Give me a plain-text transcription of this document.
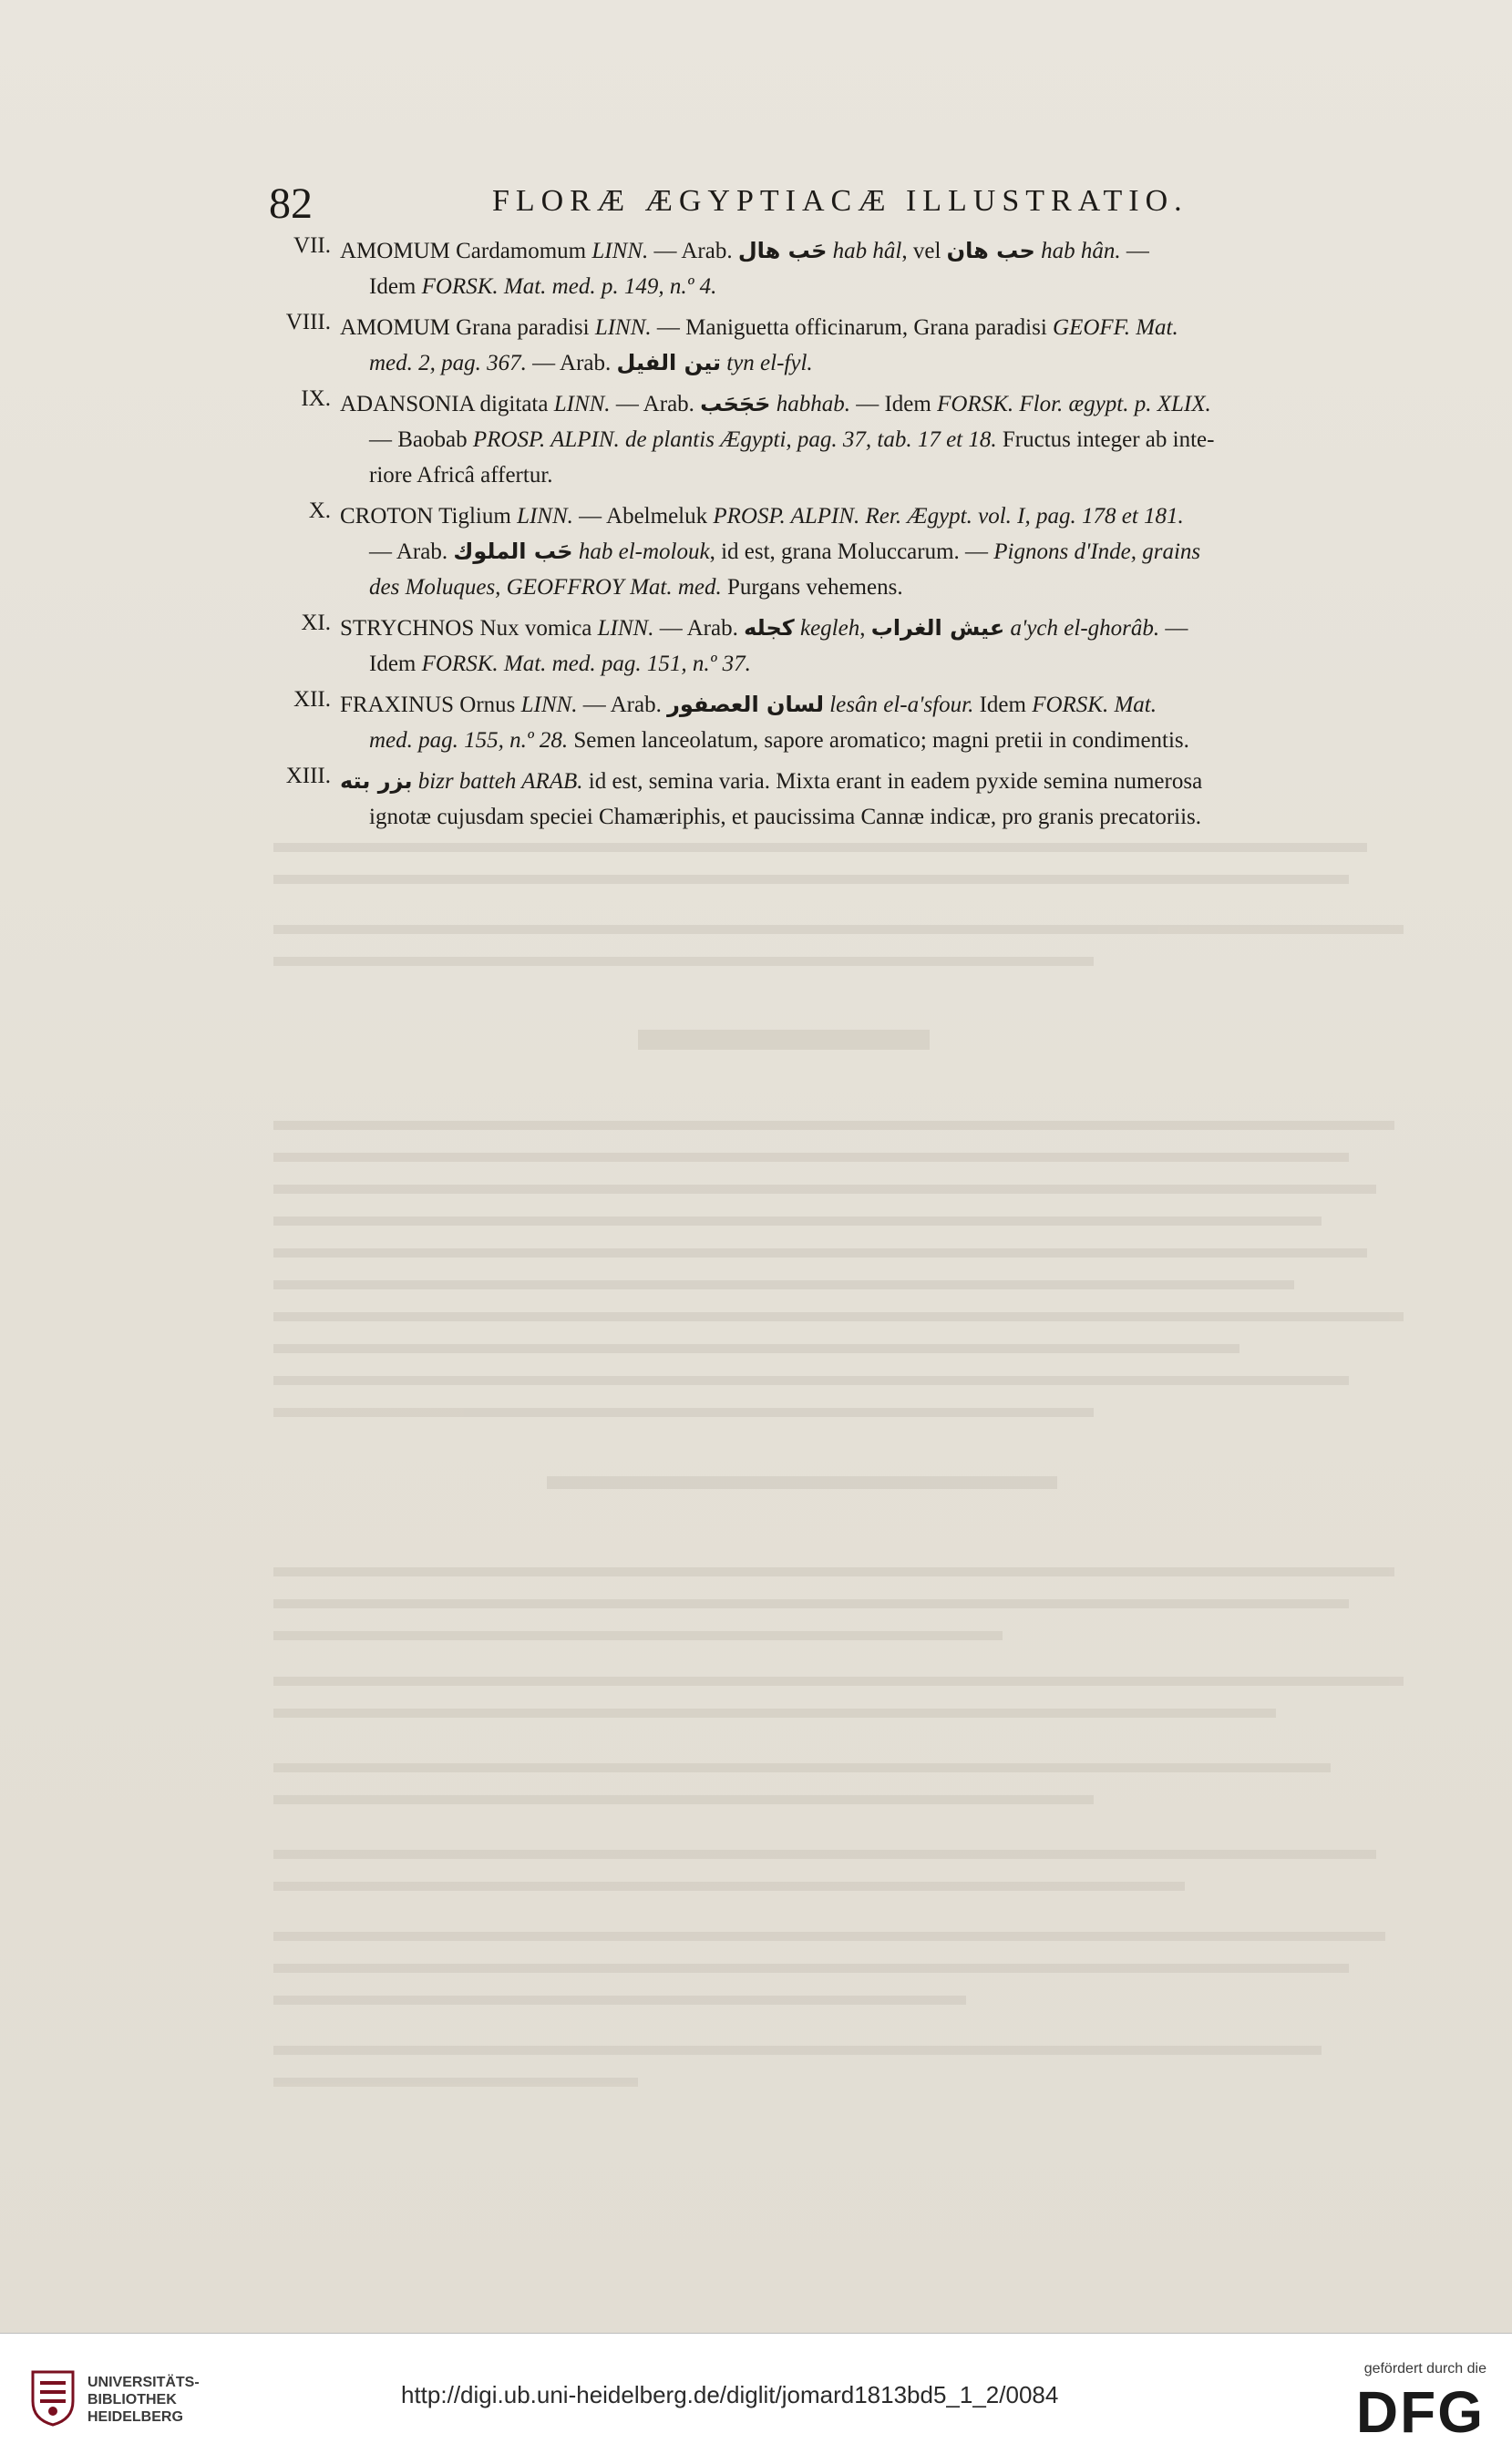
82	FLORÆ ÆGYPTIACÆ ILLUSTRATIO.
VII. AMOMUM Cardamomum LINN. — Arab. حَب هال hab hâl, vel حب هان hab hân. —
Idem FORSK. Mat. med. p. 149, n.º 4.
VIII. AMOMUM Grana paradisi LINN. — Maniguetta officinarum, Grana paradisi GEOFF. Mat.
med. 2, pag. 367. — Arab. تين الفيل tyn el-fyl.
IX. ADANSONIA digitata LINN. — Arab. حَجَحَب habhab. — Idem FORSK. Flor. ægypt. p. XLIX.
— Baobab PROSP. ALPIN. de plantis Ægypti, pag. 37, tab. 17 et 18. Fructus integer ab inte-
riore Africâ affertur.
X. CROTON Tiglium LINN. — Abelmeluk PROSP. ALPIN. Rer. Ægypt. vol. I, pag. 178 et 181.
— Arab. حَب الملوك hab el-molouk, id est, grana Moluccarum. — Pignons d'Inde, grains
des Moluques, GEOFFROY Mat. med. Purgans vehemens.
XI. STRYCHNOS Nux vomica LINN. — Arab. كجله kegleh, عيش الغراب a'ych el-ghorâb. —
Idem FORSK. Mat. med. pag. 151, n.º 37.
XII. FRAXINUS Ornus LINN. — Arab. لسان العصفور lesân el-a'sfour. Idem FORSK. Mat.
med. pag. 155, n.º 28. Semen lanceolatum, sapore aromatico; magni pretii in condimentis.
XIII. بزر بته bizr batteh ARAB. id est, semina varia. Mixta erant in eadem pyxide semina numerosa
ignotæ cujusdam speciei Chamæriphis, et paucissima Cannæ indicæ, pro granis precatoriis.
UNIVERSITÄTS-
BIBLIOTHEK
HEIDELBERG
http://digi.ub.uni-heidelberg.de/diglit/jomard1813bd5_1_2/0084
gefördert durch die
DFG
